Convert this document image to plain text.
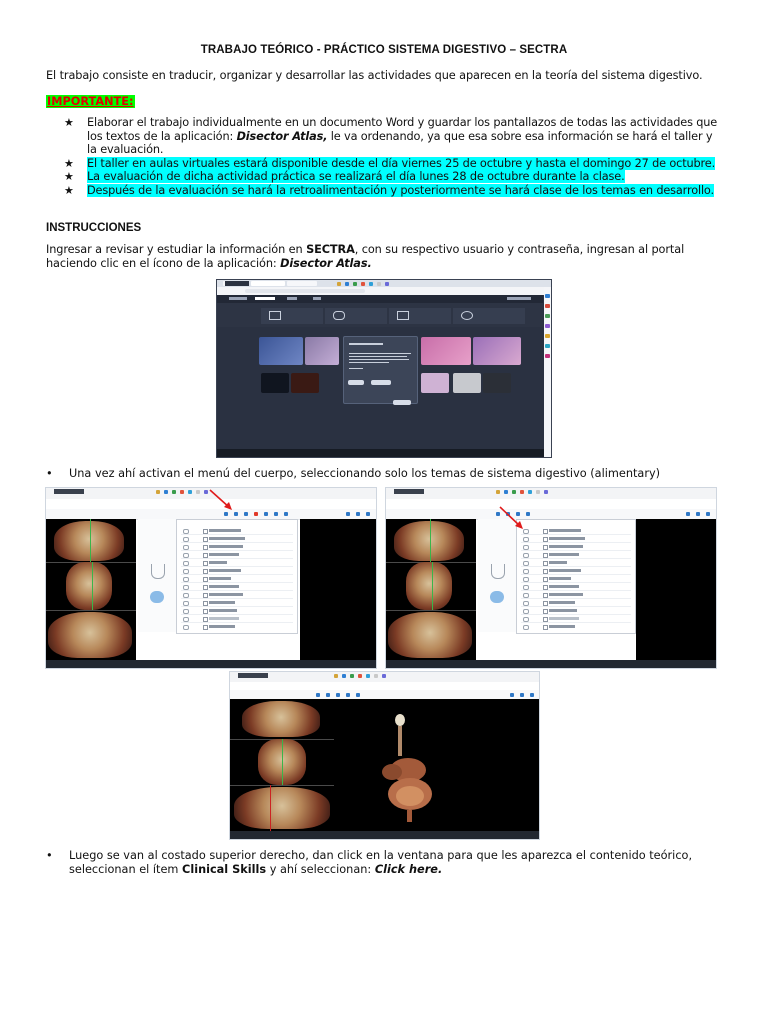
TRABAJO TEÓRICO - PRÁCTICO SISTEMA DIGESTIVO – SECTRA
El trabajo consiste en traducir, organizar y desarrollar las actividades que aparecen en la teoría del sistema digestivo.
IMPORTANTE:
★ Elaborar el trabajo individualmente en un documento Word y guardar los pantallazos de todas las actividades que los textos de la aplicación: Disector Atlas, le va ordenando, ya que esa sobre esa información se hará el taller y la evaluación.
★ El taller en aulas virtuales estará disponible desde el día viernes 25 de octubre y hasta el domingo 27 de octubre.
★ La evaluación de dicha actividad práctica se realizará el día lunes 28 de octubre durante la clase.
★ Después de la evaluación se hará la retroalimentación y posteriormente se hará clase de los temas en desarrollo.
INSTRUCCIONES
Ingresar a revisar y estudiar la información en SECTRA, con su respectivo usuario y contraseña, ingresan al portal haciendo clic en el ícono de la aplicación: Disector Atlas.
• Una vez ahí activan el menú del cuerpo, seleccionando solo los temas de sistema digestivo (alimentary)
• Luego se van al costado superior derecho, dan click en la ventana para que les aparezca el contenido teórico, seleccionan el ítem Clinical Skills y ahí seleccionan: Click here.
